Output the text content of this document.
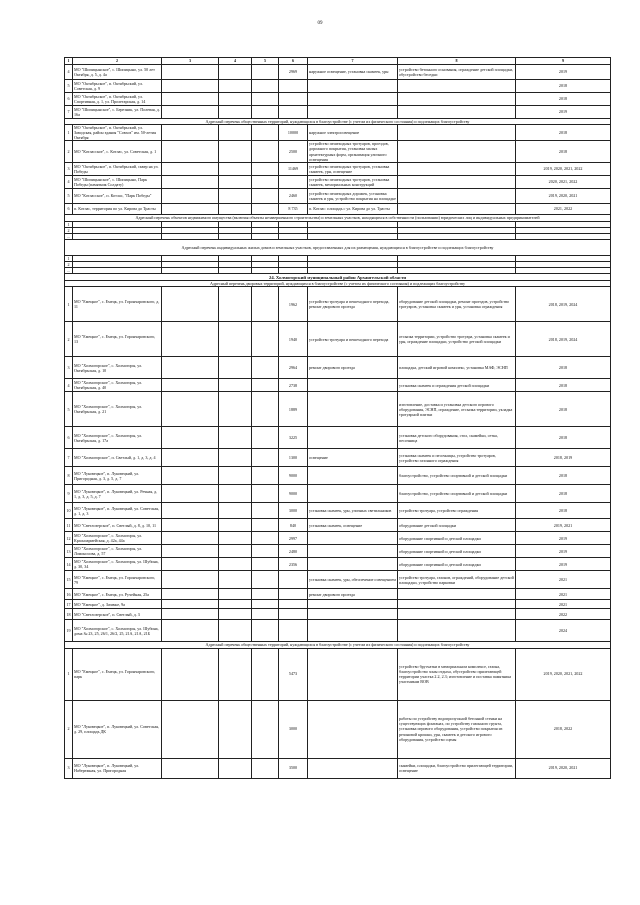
09
1	2	3	4	5	6	7	8	9
4	МО "Шипицынское", с. Шипицыно, ул. 50 лет Октября, д. 5, д. 4а				2969	наружное освещение, установка скамеек, урн	устройство бетонного основания, ограждение детской площадки, обустройство беседки	2019
5	МО "Октябрьское", п. Октябрьский, ул. Советская, д. 9							2018
6	МО "Октябрьское", п. Октябрьский, ул. Спортивная, д. 1, ул. Пролетарская, д. 14							2018
7	МО "Шипицынское", с. Березник, ул. Полевая, д. 16а							2019
Адресный перечень общественных территорий, нуждающихся в благоустройстве (с учетом их физического состояния) и подлежащих благоустройству								
1	МО "Октябрьское", п. Октябрьский, ул. Заводская, район здания "Совхоз" им. 50-летия Октября				10000	наружное электроосвещение		2018
2	МО "Котласское", с. Котлас, ул. Советская, д. 1				2500	устройство пешеходных тротуаров, проездов, дорожного покрытия, установка малых архитектурных форм, организация уличного освещения		2018
3	МО "Октябрьское", п. Октябрьский, сквер на ул. Победы				11469	устройство пешеходных тротуаров, установка скамеек, урн, освещение		2019, 2020, 2021, 2022
4	МО "Шипицынское", с. Шипицыно, Парк Победы (памятник Солдату)					устройство пешеходных тротуаров, установка скамеек, мемориальных конструкций		2020, 2021, 2022
5	МО "Котласское", п. Котлас, "Парк Победы"				2460	устройство пешеходных дорожек, установка скамеек и урн, устройство покрытия на площадке		2019, 2020, 2021
6	п. Котлас, территория по ул. Кирова до Трасты				8 735	п. Котлас: площадь с ул. Кирова до ул. Трасты		2021, 2022
Адресный перечень объектов недвижимого имущества (включая объекты незавершенного строительства) и земельных участков, находящихся в собственности (пользовании) юридических лиц и индивидуальных предпринимателей								
1								
2								
...								
Адресный перечень индивидуальных жилых домов и земельных участков, предоставленных для их размещения, нуждающихся в благоустройстве и подлежащих благоустройству								
1								
2								
...								
24. Холмогорский муниципальный район Архангельской области								
Адресный перечень дворовых территорий, нуждающихся в благоустройстве (с учетом их физического состояния) и подлежащих благоустройству								
1	МО "Емецкое", с. Емецк, ул. Горончаровского, д. 11				1962	устройство тротуара и пешеходного перехода, ремонт дворового проезда	оборудование детской площадки, ремонт проездов, устройство тротуаров, установка скамеек и урн, установка ограждения	2018, 2019, 2024
2	МО "Емецкое", с. Емецк, ул. Горончаровского, 13				1940	устройство тротуара и пешеходного перехода	отсыпка территории, устройство тротуара, установка скамеек и урн, ограждение площадки, устройство детской площадки	2018, 2019, 2024
3	МО "Холмогорское", с. Холмогоры, ул. Октябрьская, д. 10				2964	ремонт дворового проезда	площадка, детский игровой комплекс, установка МАФ, ЭСНП	2018
4	МО "Холмогорское", с. Холмогоры, ул. Октябрьская, д. 40				2738		установка скамеек и ограждения детской площадки	2018
5	МО "Холмогорское", с. Холмогоры, ул. Октябрьская, д. 21				1889		изготовление, доставка и установка детского игрового оборудования, ЭСНП, ограждение, отсыпка территории, укладка тротуарной плитки	2018
6	МО "Холмогорское", с. Холмогоры, ул. Октябрьская, д. 17а				3225		установка детского оборудования, стол, скамейки, сетка, песочница	2018
7	МО "Холмогорское", п. Светлый, д. 1, д. 3, д. 4				1300	освещение	установка скамеек и песочницы, устройство тротуаров, устройство газонного ограждения	2018, 2019
8	МО "Луковецкое", п. Луковецкий, ул. Пригородная, д. 3, д. 5, д. 7				9000		благоустройство, устройство спортивной и детской площадки	2018
9	МО "Луковецкое", п. Луковецкий, ул. Речная, д. 1, д. 3, д. 5, д. 7				9000		благоустройство, устройство спортивной и детской площадки	2018
10	МО "Луковецкое", п. Луковецкий, ул. Советская, д. 1, д. 3				3000	установка скамеек, урн, уличных светильников	устройство тротуара, устройство ограждения	2018
11	МО "Светлозерское", п. Светлый, д. 8, д. 10, 11				840	установка скамеек, освещение	оборудование детской площадки	2019, 2021
12	МО "Холмогорское", с. Холмогоры, ул. Красноармейская, д. 42а, 44а				2997		оборудование спортивной и детской площадки	2019
13	МО "Холмогорское", с. Холмогоры, ул. Ломоносова, д. 57				2480		оборудование спортивной и детской площадки	2019
14	МО "Холмогорское", с. Холмогоры, ул. Шубина, д. 30, 34				2356		оборудование спортивной и детской площадки	2019
15	МО "Емецкое", с. Емецк, ул. Горончаровского, 79					установка скамеек, урн, обеспечение освещением	устройство тротуара, газонов, ограждений, оборудование детской площадки, устройство парковки	2021
16	МО "Емецкое", с. Емецк, ул. Ручейная, 25а					ремонт дворового проезда		2021
17	МО "Емецкое", д. Зачачье, 9а							2021
18	МО "Светлозерское", п. Светлый, д. 3							2022
19	МО "Холмогорское", с. Холмогоры, ул. Шубина, дома № 23, 25, 26/1, 26/2, 25, 21А, 21А, 21Б							2024
Адресный перечень общественных территорий, нуждающихся в благоустройстве (с учетом их физического состояния) и подлежащих благоустройству								
1	МО "Емецкое", с. Емецк, ул. Горончаровского, парк				5473		устройство брусчатки в мемориальном комплексе, газона, благоустройство зоны отдыха, обустройство прилегающей территории участка 2.2, 2.3; изготовление и поставка памятника участникам ВОВ	2019, 2020, 2021, 2022
2	МО "Луковецкое", п. Луковецкий, ул. Советская, д. 29, площадь ДК				3000		работы по устройству водопропускной бетонной стенки на существующих фонтанах, по устройству газонного грунта, установка игрового оборудования, устройство покрытия из резиновой крошки, урн, скамеек и детского игрового оборудования, устройство сцены	2018, 2022
3	МО "Луковецкое", п. Луковецкий, ул. Набережная, ул. Пригородная				3500		скамейки, площадки, благоустройство прилегающей территории, освещение	2019, 2020, 2021
